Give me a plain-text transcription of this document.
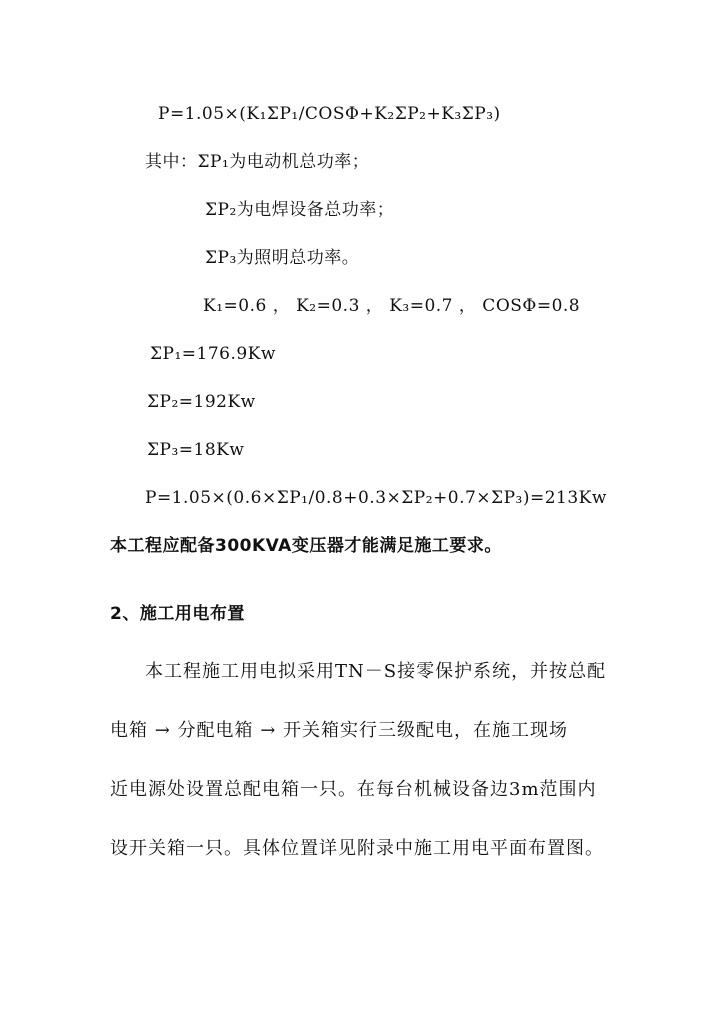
P=1.05×(K₁ΣP₁/COSΦ+K₂ΣP₂+K₃ΣP₃)
其中：ΣP₁为电动机总功率；
ΣP₂为电焊设备总功率；
ΣP₃为照明总功率。
K₁=0.6 ， K₂=0.3 ， K₃=0.7 ， COSΦ=0.8
ΣP₁=176.9Kw
ΣP₂=192Kw
ΣP₃=18Kw
P=1.05×(0.6×ΣP₁/0.8+0.3×ΣP₂+0.7×ΣP₃)=213Kw
本工程应配备300KVA变压器才能满足施工要求。
2、施工用电布置
本工程施工用电拟采用TN－S接零保护系统，并按总配
电箱 → 分配电箱 → 开关箱实行三级配电，在施工现场
近电源处设置总配电箱一只。在每台机械设备边3m范围内
设开关箱一只。具体位置详见附录中施工用电平面布置图。
